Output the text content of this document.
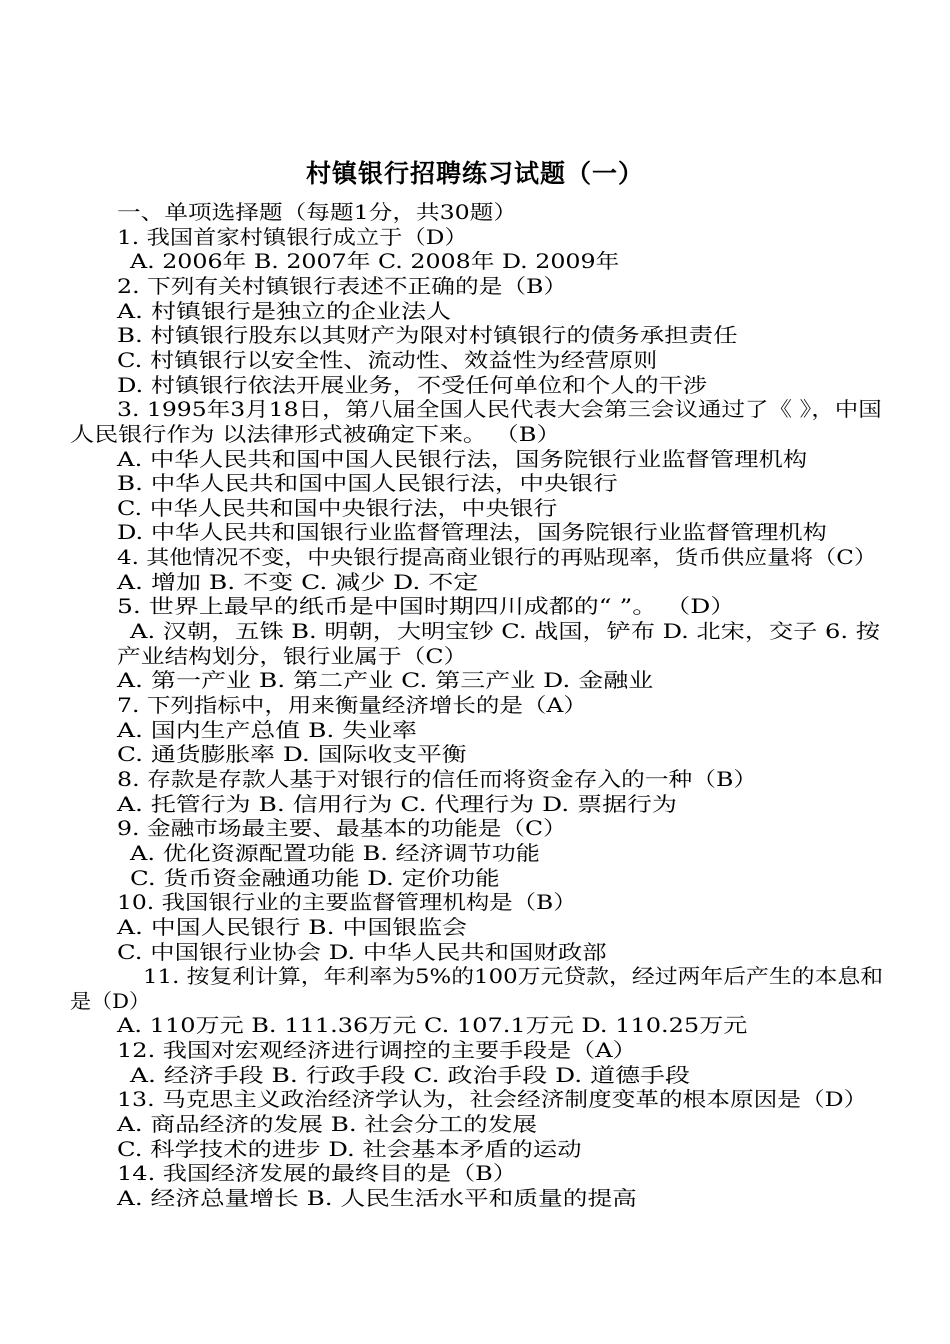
村镇银行招聘练习试题（一）
一、单项选择题（每题1分，共30题）
1. 我国首家村镇银行成立于（D）
A. 2006年 B. 2007年 C. 2008年 D. 2009年
2. 下列有关村镇银行表述不正确的是（B）
A. 村镇银行是独立的企业法人
B. 村镇银行股东以其财产为限对村镇银行的债务承担责任
C. 村镇银行以安全性、流动性、效益性为经营原则
D. 村镇银行依法开展业务，不受任何单位和个人的干涉
3. 1995年3月18日，第八届全国人民代表大会第三会议通过了《 》，中国
人民银行作为 以法律形式被确定下来。 （B）
A. 中华人民共和国中国人民银行法，国务院银行业监督管理机构
B. 中华人民共和国中国人民银行法，中央银行
C. 中华人民共和国中央银行法，中央银行
D. 中华人民共和国银行业监督管理法，国务院银行业监督管理机构
4. 其他情况不变，中央银行提高商业银行的再贴现率，货币供应量将（C）
A. 增加 B. 不变 C. 减少 D. 不定
5. 世界上最早的纸币是中国时期四川成都的“ ”。 （D）
A. 汉朝，五铢 B. 明朝，大明宝钞 C. 战国，铲布 D. 北宋，交子 6. 按
产业结构划分，银行业属于（C）
A. 第一产业 B. 第二产业 C. 第三产业 D. 金融业
7. 下列指标中，用来衡量经济增长的是（A）
A. 国内生产总值 B. 失业率
C. 通货膨胀率 D. 国际收支平衡
8. 存款是存款人基于对银行的信任而将资金存入的一种（B）
A. 托管行为 B. 信用行为 C. 代理行为 D. 票据行为
9. 金融市场最主要、最基本的功能是（C）
A. 优化资源配置功能 B. 经济调节功能
C. 货币资金融通功能 D. 定价功能
10. 我国银行业的主要监督管理机构是（B）
A. 中国人民银行 B. 中国银监会
C. 中国银行业协会 D. 中华人民共和国财政部
11. 按复利计算，年利率为5%的100万元贷款，经过两年后产生的本息和
是（D）
A. 110万元 B. 111.36万元 C. 107.1万元 D. 110.25万元
12. 我国对宏观经济进行调控的主要手段是（A）
A. 经济手段 B. 行政手段 C. 政治手段 D. 道德手段
13. 马克思主义政治经济学认为，社会经济制度变革的根本原因是（D）
A. 商品经济的发展 B. 社会分工的发展
C. 科学技术的进步 D. 社会基本矛盾的运动
14. 我国经济发展的最终目的是（B）
A. 经济总量增长 B. 人民生活水平和质量的提高
